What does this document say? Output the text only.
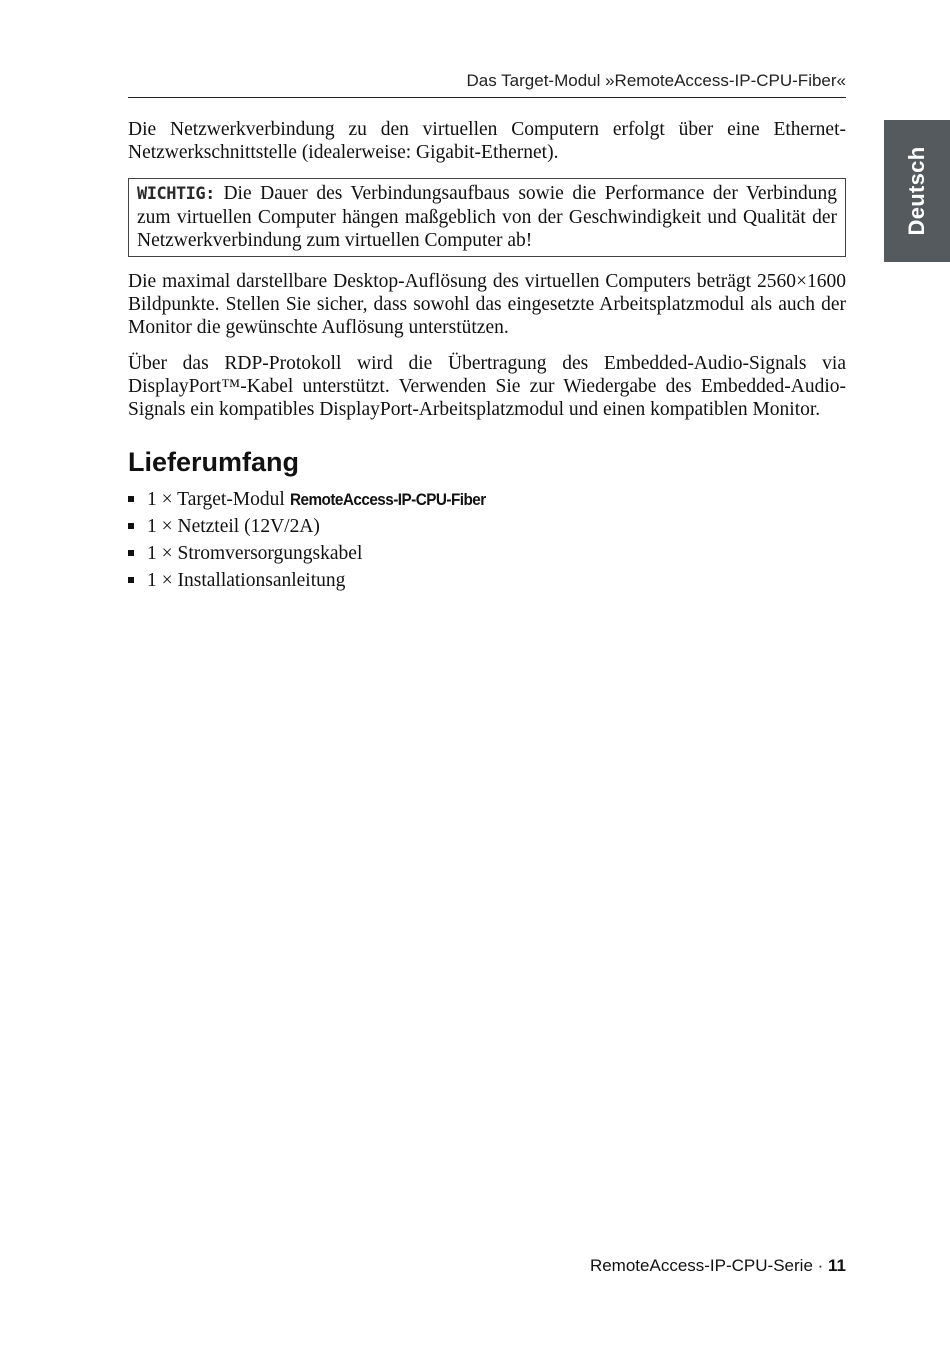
Das Target-Modul »RemoteAccess-IP-CPU-Fiber«
Deutsch

Die Netzwerkverbindung zu den virtuellen Computern erfolgt über eine Ethernet-Netzwerkschnittstelle (idealerweise: Gigabit-Ethernet).

WICHTIG: Die Dauer des Verbindungsaufbaus sowie die Performance der Verbindung zum virtuellen Computer hängen maßgeblich von der Geschwindigkeit und Qualität der Netzwerkverbindung zum virtuellen Computer ab!

Die maximal darstellbare Desktop-Auflösung des virtuellen Computers beträgt 2560×1600 Bildpunkte. Stellen Sie sicher, dass sowohl das eingesetzte Arbeitsplatzmodul als auch der Monitor die gewünschte Auflösung unterstützen.

Über das RDP-Protokoll wird die Übertragung des Embedded-Audio-Signals via DisplayPort™-Kabel unterstützt. Verwenden Sie zur Wiedergabe des Embedded-Audio-Signals ein kompatibles DisplayPort-Arbeitsplatzmodul und einen kompatiblen Monitor.

Lieferumfang
1 × Target-Modul RemoteAccess-IP-CPU-Fiber
1 × Netzteil (12V/2A)
1 × Stromversorgungskabel
1 × Installationsanleitung
RemoteAccess-IP-CPU-Serie · 11
